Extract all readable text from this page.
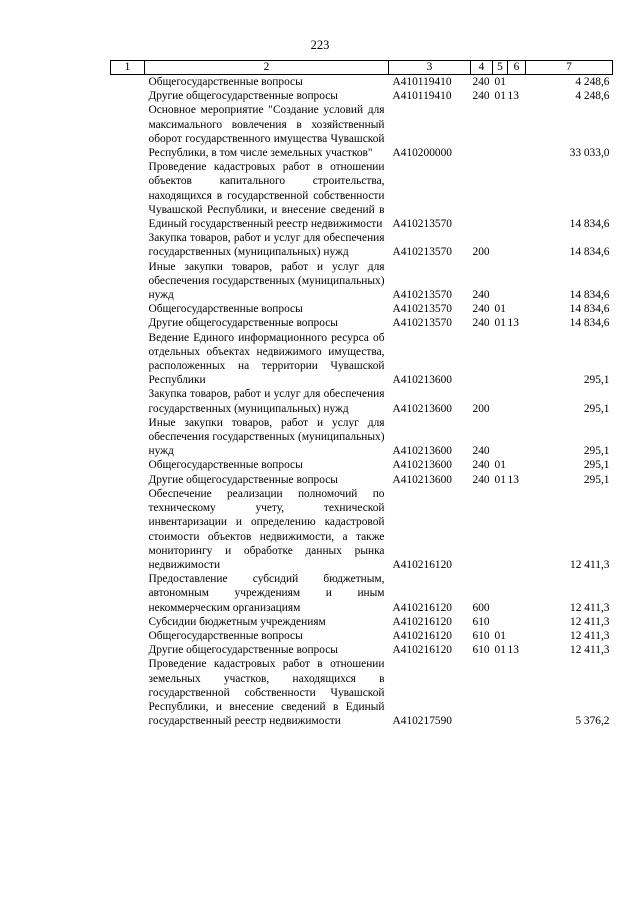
223
1	2	3	4	5	6	7
	Общегосударственные вопросы	A410119410	240	01		4 248,6
	Другие общегосударственные вопросы	A410119410	240	01	13	4 248,6
	Основное мероприятие "Создание условий для максимального вовлечения в хозяйственный оборот государственного имущества Чувашской Республики, в том числе земельных участков"	A410200000				33 033,0
	Проведение кадастровых работ в отношении объектов капитального строительства, находящихся в государственной собственности Чувашской Республики, и внесение сведений в Единый государственный реестр недвижимости	A410213570				14 834,6
	Закупка товаров, работ и услуг для обеспечения государственных (муниципальных) нужд	A410213570	200			14 834,6
	Иные закупки товаров, работ и услуг для обеспечения государственных (муниципальных) нужд	A410213570	240			14 834,6
	Общегосударственные вопросы	A410213570	240	01		14 834,6
	Другие общегосударственные вопросы	A410213570	240	01	13	14 834,6
	Ведение Единого информационного ресурса об отдельных объектах недвижимого имущества, расположенных на территории Чувашской Республики	A410213600				295,1
	Закупка товаров, работ и услуг для обеспечения государственных (муниципальных) нужд	A410213600	200			295,1
	Иные закупки товаров, работ и услуг для обеспечения государственных (муниципальных) нужд	A410213600	240			295,1
	Общегосударственные вопросы	A410213600	240	01		295,1
	Другие общегосударственные вопросы	A410213600	240	01	13	295,1
	Обеспечение реализации полномочий по техническому учету, технической инвентаризации и определению кадастровой стоимости объектов недвижимости, а также мониторингу и обработке данных рынка недвижимости	A410216120				12 411,3
	Предоставление субсидий бюджетным, автономным учреждениям и иным некоммерческим организациям	A410216120	600			12 411,3
	Субсидии бюджетным учреждениям	A410216120	610			12 411,3
	Общегосударственные вопросы	A410216120	610	01		12 411,3
	Другие общегосударственные вопросы	A410216120	610	01	13	12 411,3
	Проведение кадастровых работ в отношении земельных участков, находящихся в государственной собственности Чувашской Республики, и внесение сведений в Единый государственный реестр недвижимости	A410217590				5 376,2
